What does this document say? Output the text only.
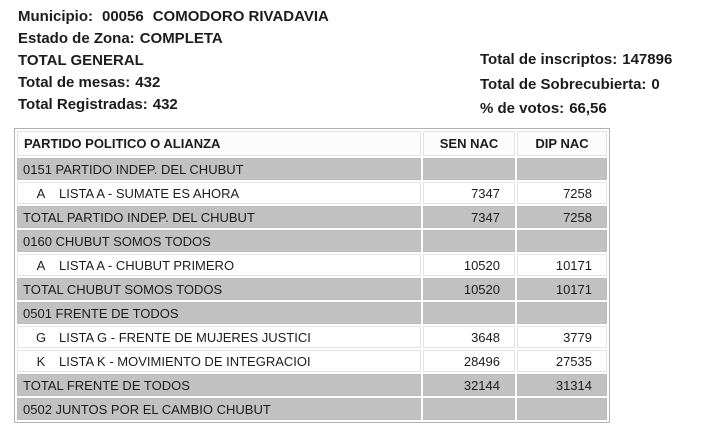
Municipio: 00056 COMODORO RIVADAVIA
Estado de Zona: COMPLETA
TOTAL GENERAL
Total de mesas: 432
Total Registradas: 432
Total de inscriptos: 147896
Total de Sobrecubierta: 0
% de votos: 66,56
PARTIDO POLITICO O ALIANZA	SEN NAC	DIP NAC
0151 PARTIDO INDEP. DEL CHUBUT		
A LISTA A - SUMATE ES AHORA	7347	7258
TOTAL PARTIDO INDEP. DEL CHUBUT	7347	7258
0160 CHUBUT SOMOS TODOS		
A LISTA A - CHUBUT PRIMERO	10520	10171
TOTAL CHUBUT SOMOS TODOS	10520	10171
0501 FRENTE DE TODOS		
G LISTA G - FRENTE DE MUJERES JUSTICI	3648	3779
K LISTA K - MOVIMIENTO DE INTEGRACIOI	28496	27535
TOTAL FRENTE DE TODOS	32144	31314
0502 JUNTOS POR EL CAMBIO CHUBUT		
